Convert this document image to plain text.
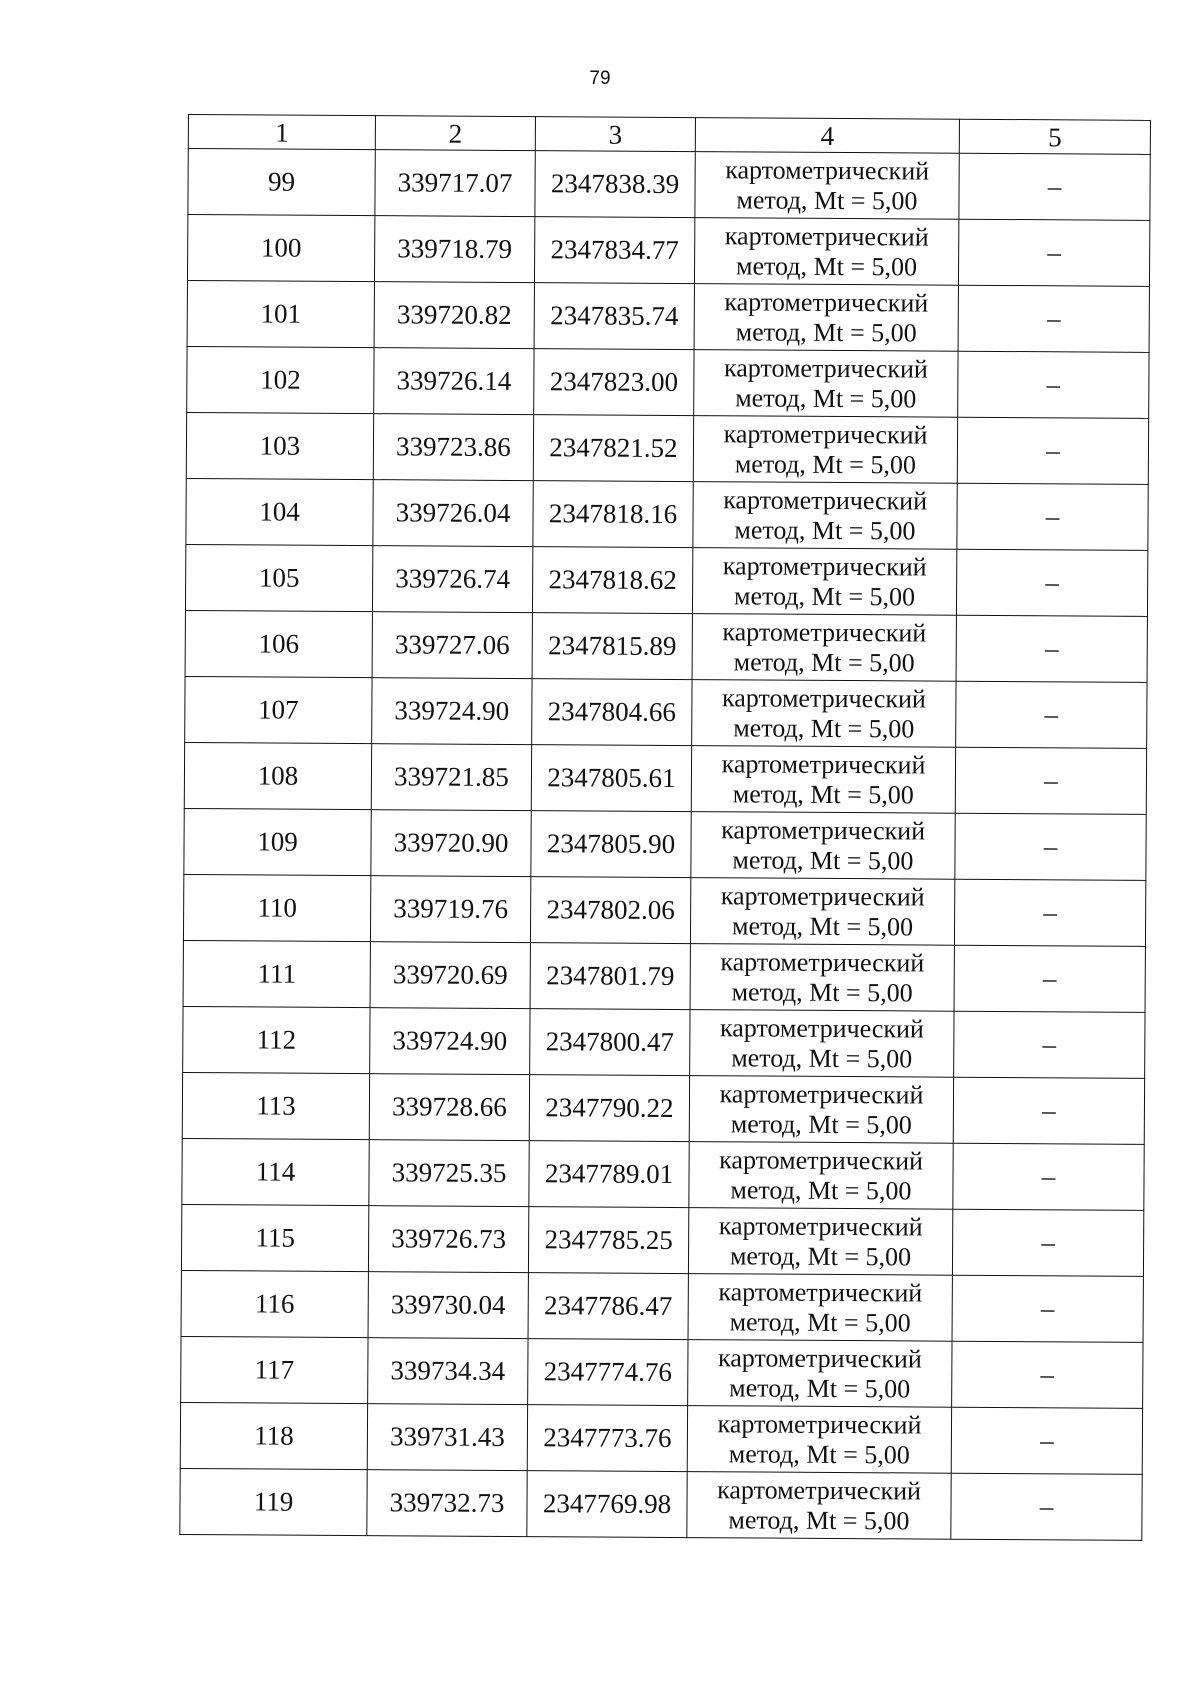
79
1	2	3	4	5
99	339717.07	2347838.39	картометрический
метод, Mt = 5,00	–
100	339718.79	2347834.77	картометрический
метод, Mt = 5,00	–
101	339720.82	2347835.74	картометрический
метод, Mt = 5,00	–
102	339726.14	2347823.00	картометрический
метод, Mt = 5,00	–
103	339723.86	2347821.52	картометрический
метод, Mt = 5,00	–
104	339726.04	2347818.16	картометрический
метод, Mt = 5,00	–
105	339726.74	2347818.62	картометрический
метод, Mt = 5,00	–
106	339727.06	2347815.89	картометрический
метод, Mt = 5,00	–
107	339724.90	2347804.66	картометрический
метод, Mt = 5,00	–
108	339721.85	2347805.61	картометрический
метод, Mt = 5,00	–
109	339720.90	2347805.90	картометрический
метод, Mt = 5,00	–
110	339719.76	2347802.06	картометрический
метод, Mt = 5,00	–
111	339720.69	2347801.79	картометрический
метод, Mt = 5,00	–
112	339724.90	2347800.47	картометрический
метод, Mt = 5,00	–
113	339728.66	2347790.22	картометрический
метод, Mt = 5,00	–
114	339725.35	2347789.01	картометрический
метод, Mt = 5,00	–
115	339726.73	2347785.25	картометрический
метод, Mt = 5,00	–
116	339730.04	2347786.47	картометрический
метод, Mt = 5,00	–
117	339734.34	2347774.76	картометрический
метод, Mt = 5,00	–
118	339731.43	2347773.76	картометрический
метод, Mt = 5,00	–
119	339732.73	2347769.98	картометрический
метод, Mt = 5,00	–
